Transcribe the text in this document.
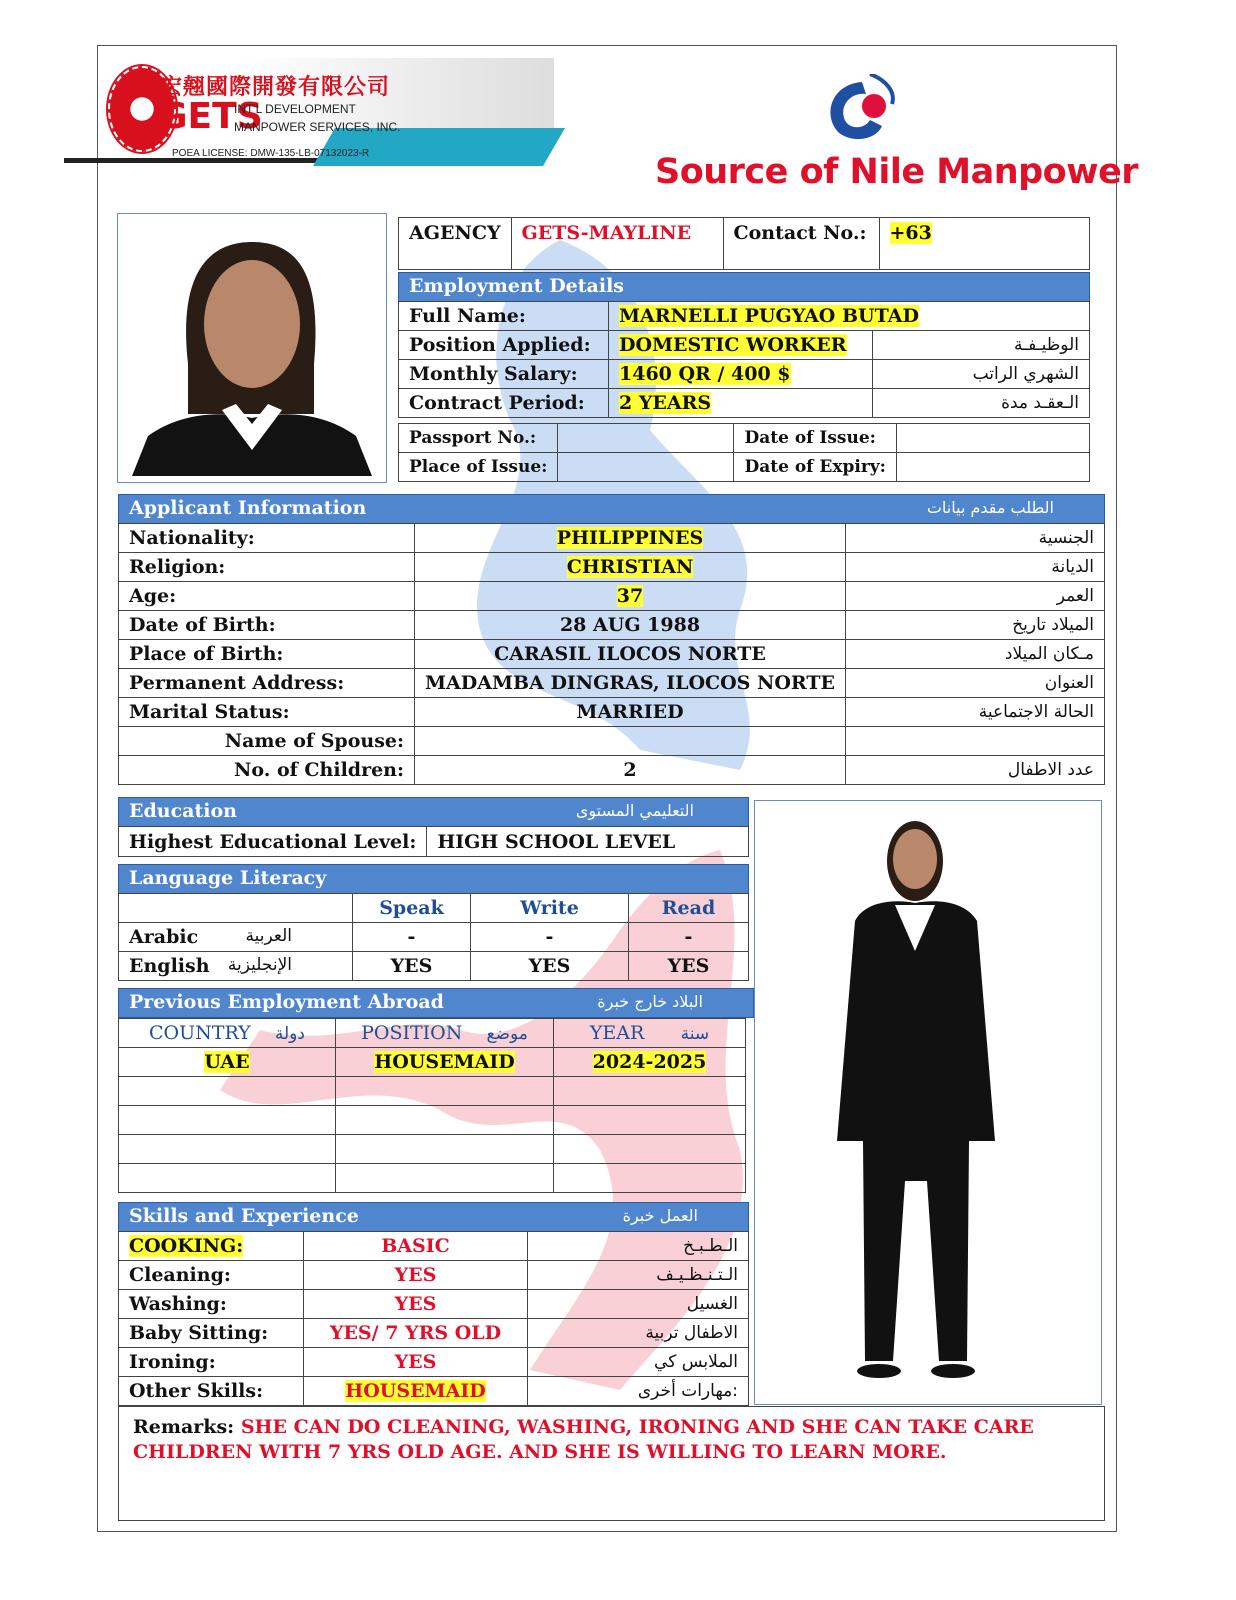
宏翹國際開發有限公司
GETS
INT'L DEVELOPMENT
MANPOWER SERVICES, INC.
POEA LICENSE: DMW-135-LB-07132023-R	Source of Nile Manpower
AGENCY	GETS-MAYLINE	Contact No.:	+63
Employment Details
Full Name:	MARNELLI PUGYAO BUTAD	
Position Applied:	DOMESTIC WORKER	الوظيـفـة
Monthly Salary:	1460 QR / 400 $	الشهري الراتب
Contract Period:	2 YEARS	الـعقـد مدة
Passport No.:		Date of Issue:	
Place of Issue:		Date of Expiry:	
Applicant Information	الطلب مقدم بيانات
Nationality:	PHILIPPINES	الجنسية
Religion:	CHRISTIAN	الديانة
Age:	37	العمر
Date of Birth:	28 AUG 1988	الميلاد تاريخ
Place of Birth:	CARASIL ILOCOS NORTE	مـكان الميلاد
Permanent Address:	MADAMBA DINGRAS, ILOCOS NORTE	العنوان
Marital Status:	MARRIED	الحالة الاجتماعية
Name of Spouse:		
No. of Children:	2	عدد الاطفال
Education	التعليمي المستوى
Highest Educational Level:	HIGH SCHOOL LEVEL
Language Literacy
	Speak	Write	Read
Arabic العربية	-	-	-
English الإنجليزية	YES	YES	YES
Previous Employment Abroad	البلاد خارج خبرة
COUNTRY دولة	POSITION موضع	YEAR سنة
UAE	HOUSEMAID	2024-2025

Skills and Experience	العمل خبرة
COOKING:	BASIC	الـطـبـخ
Cleaning:	YES	الـتـنـظـيـف
Washing:	YES	الغسيل
Baby Sitting:	YES/ 7 YRS OLD	الاطفال تربية
Ironing:	YES	الملابس كي
Other Skills:	HOUSEMAID	مهارات أخرى:
Remarks: SHE CAN DO CLEANING, WASHING, IRONING AND SHE CAN TAKE CARE CHILDREN WITH 7 YRS OLD AGE. AND SHE IS WILLING TO LEARN MORE.
